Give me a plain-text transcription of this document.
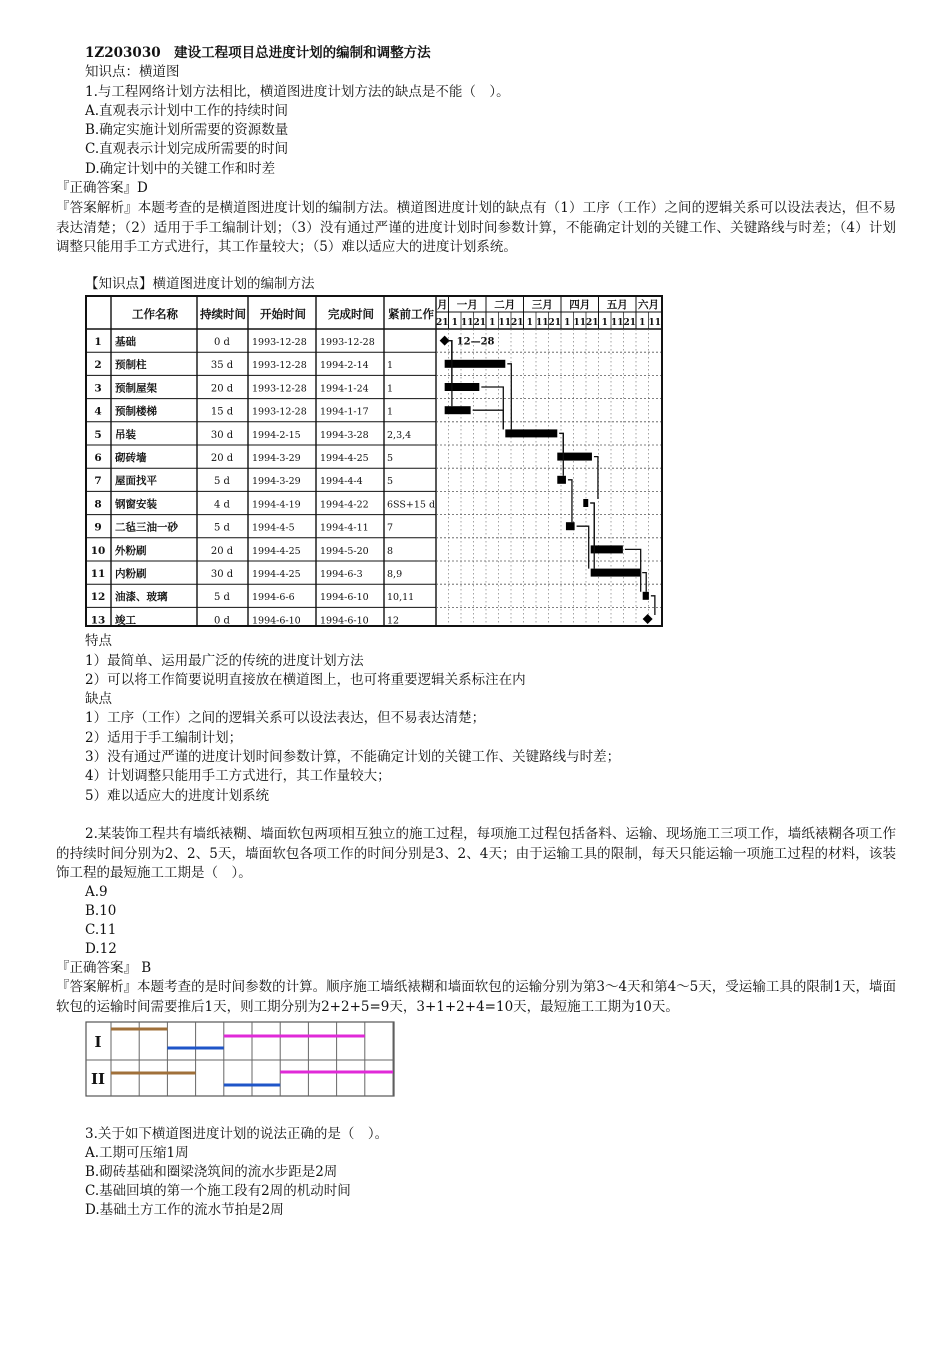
1Z203030　建设工程项目总进度计划的编制和调整方法
知识点：横道图
1.与工程网络计划方法相比，横道图进度计划方法的缺点是不能（　）。
A.直观表示计划中工作的持续时间
B.确定实施计划所需要的资源数量
C.直观表示计划完成所需要的时间
D.确定计划中的关键工作和时差
『正确答案』D
『答案解析』本题考查的是横道图进度计划的编制方法。横道图进度计划的缺点有（1）工序（工作）之间的逻辑关系可以设法表达，但不易表达清楚；（2）适用于手工编制计划；（3）没有通过严谨的进度计划时间参数计算，不能确定计划的关键工作、关键路线与时差；（4）计划调整只能用手工方式进行，其工作量较大；（5）难以适应大的进度计划系统。
【知识点】横道图进度计划的编制方法
工作名称 持续时间 开始时间 完成时间 紧前工作
月 一月 二月 三月 四月 五月 六月
21 1 11 21 1 11 21 1 11 21 1 11 21 1 11 21 1 11
1 基础	0 d 1993-12-28 1993-12-28
2 预制柱	35 d 1993-12-28 1994-2-14 1
3 预制屋架	20 d 1993-12-28 1994-1-24 1
4 预制楼梯	15 d 1993-12-28 1994-1-17 1
5 吊装	30 d 1994-2-15 1994-3-28 2,3,4
6 砌砖墙	20 d 1994-3-29 1994-4-25 5
7 屋面找平	5 d 1994-3-29 1994-4-4	5
8 钢窗安装	4 d 1994-4-19 1994-4-22 6SS+15 d
9 二毡三油一砂	5 d 1994-4-5	1994-4-11 7
10 外粉刷	20 d 1994-4-25 1994-5-20 8
11 内粉刷	30 d 1994-4-25 1994-6-3	8,9
12 油漆、玻璃	5 d 1994-6-6	1994-6-10 10,11
13 竣工	0 d 1994-6-10 1994-6-10 12
12—28
特点
1）最简单、运用最广泛的传统的进度计划方法
2）可以将工作简要说明直接放在横道图上，也可将重要逻辑关系标注在内
缺点
1）工序（工作）之间的逻辑关系可以设法表达，但不易表达清楚；
2）适用于手工编制计划；
3）没有通过严谨的进度计划时间参数计算，不能确定计划的关键工作、关键路线与时差；
4）计划调整只能用手工方式进行，其工作量较大；
5）难以适应大的进度计划系统
2.某装饰工程共有墙纸裱糊、墙面软包两项相互独立的施工过程，每项施工过程包括备料、运输、现场施工三项工作，墙纸裱糊各项工作的持续时间分别为2、2、5天，墙面软包各项工作的时间分别是3、2、4天；由于运输工具的限制，每天只能运输一项施工过程的材料，该装饰工程的最短施工工期是（　）。
A.9
B.10
C.11
D.12
『正确答案』 B
『答案解析』本题考查的是时间参数的计算。顺序施工墙纸裱糊和墙面软包的运输分别为第3～4天和第4～5天，受运输工具的限制1天，墙面软包的运输时间需要推后1天，则工期分别为2+2+5=9天，3+1+2+4=10天，最短施工工期为10天。
I
II
3.关于如下横道图进度计划的说法正确的是（　）。
A.工期可压缩1周
B.砌砖基础和圈梁浇筑间的流水步距是2周
C.基础回填的第一个施工段有2周的机动时间
D.基础土方工作的流水节拍是2周
